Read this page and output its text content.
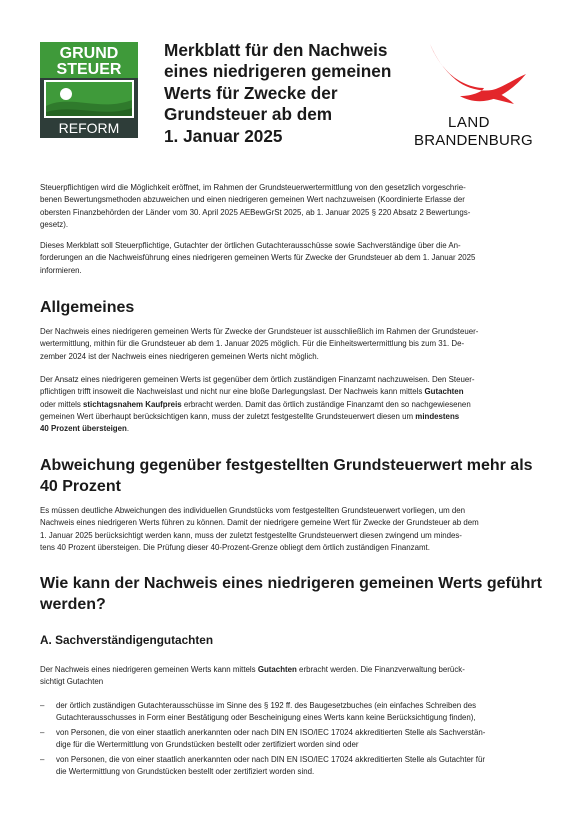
GRUND
STEUER
REFORM
Merkblatt für den Nachweis
eines niedrigeren gemeinen
Werts für Zwecke der
Grundsteuer ab dem
1. Januar 2025
LAND
BRANDENBURG
Steuerpflichtigen wird die Möglichkeit eröffnet, im Rahmen der Grundsteuerwertermittlung von den gesetzlich vorgeschrie-
benen Bewertungsmethoden abzuweichen und einen niedrigeren gemeinen Wert nachzuweisen (Koordinierte Erlasse der
obersten Finanzbehörden der Länder vom 30. April 2025 AEBewGrSt 2025, ab 1. Januar 2025 § 220 Absatz 2 Bewertungs-
gesetz).
Dieses Merkblatt soll Steuerpflichtige, Gutachter der örtlichen Gutachterausschüsse sowie Sachverständige über die An-
forderungen an die Nachweisführung eines niedrigeren gemeinen Werts für Zwecke der Grundsteuer ab dem 1. Januar 2025
informieren.
Allgemeines
Der Nachweis eines niedrigeren gemeinen Werts für Zwecke der Grundsteuer ist ausschließlich im Rahmen der Grundsteuer-
wertermittlung, mithin für die Grundsteuer ab dem 1. Januar 2025 möglich. Für die Einheitswertermittlung bis zum 31. De-
zember 2024 ist der Nachweis eines niedrigeren gemeinen Werts nicht möglich.
Der Ansatz eines niedrigeren gemeinen Werts ist gegenüber dem örtlich zuständigen Finanzamt nachzuweisen. Den Steuer-
pflichtigen trifft insoweit die Nachweislast und nicht nur eine bloße Darlegungslast. Der Nachweis kann mittels Gutachten
oder mittels stichtagsnahem Kaufpreis erbracht werden. Damit das örtlich zuständige Finanzamt den so nachgewiesenen
gemeinen Wert überhaupt berücksichtigen kann, muss der zuletzt festgestellte Grundsteuerwert diesen um mindestens
40 Prozent übersteigen.
Abweichung gegenüber festgestellten Grundsteuerwert mehr als
40 Prozent
Es müssen deutliche Abweichungen des individuellen Grundstücks vom festgestellten Grundsteuerwert vorliegen, um den
Nachweis eines niedrigeren Werts führen zu können. Damit der niedrigere gemeine Wert für Zwecke der Grundsteuer ab dem
1. Januar 2025 berücksichtigt werden kann, muss der zuletzt festgestellte Grundsteuerwert diesen zwingend um mindes-
tens 40 Prozent übersteigen. Die Prüfung dieser 40-Prozent-Grenze obliegt dem örtlich zuständigen Finanzamt.
Wie kann der Nachweis eines niedrigeren gemeinen Werts geführt
werden?
A. Sachverständigengutachten
Der Nachweis eines niedrigeren gemeinen Werts kann mittels Gutachten erbracht werden. Die Finanzverwaltung berück-
sichtigt Gutachten
– der örtlich zuständigen Gutachterausschüsse im Sinne des § 192 ff. des Baugesetzbuches (ein einfaches Schreiben des
Gutachterausschusses in Form einer Bestätigung oder Bescheinigung eines Werts kann keine Berücksichtigung finden),
– von Personen, die von einer staatlich anerkannten oder nach DIN EN ISO/IEC 17024 akkreditierten Stelle als Sachverstän-
dige für die Wertermittlung von Grundstücken bestellt oder zertifiziert worden sind oder
– von Personen, die von einer staatlich anerkannten oder nach DIN EN ISO/IEC 17024 akkreditierten Stelle als Gutachter für
die Wertermittlung von Grundstücken bestellt oder zertifiziert worden sind.
